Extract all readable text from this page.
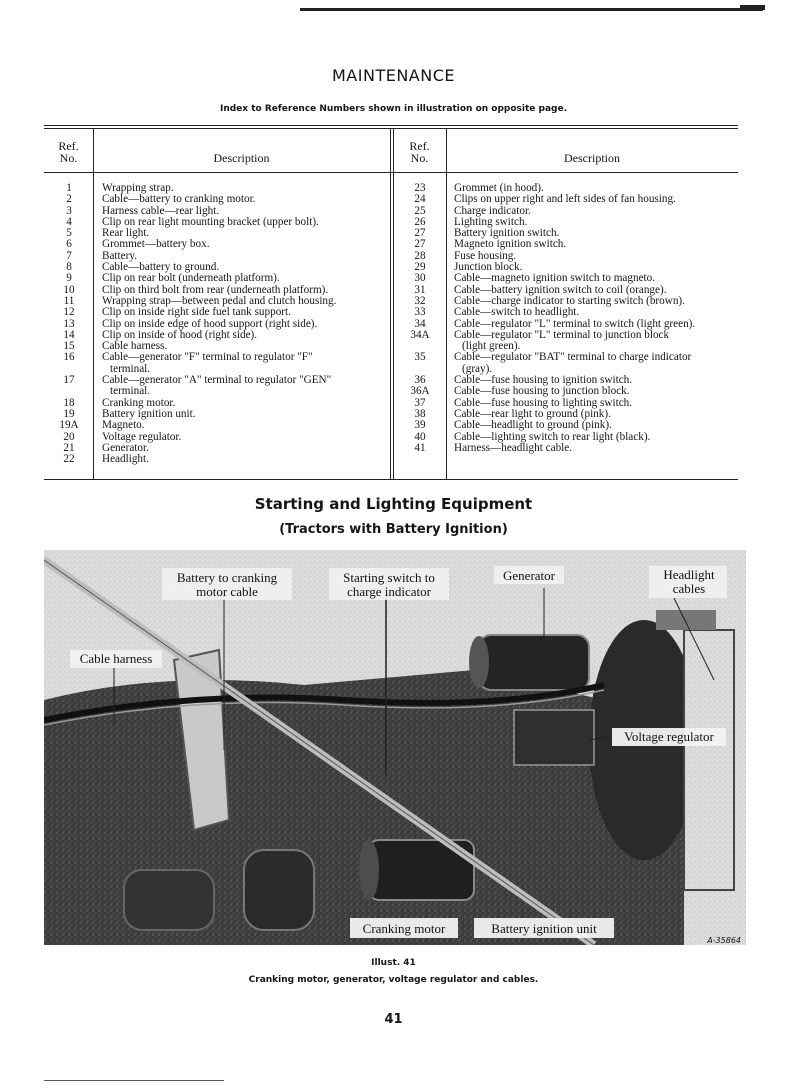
MAINTENANCE
Index to Reference Numbers shown in illustration on opposite page.
Ref.
No.	Description
Ref.
No.	Description
1	Wrapping strap.
2	Cable—battery to cranking motor.
3	Harness cable—rear light.
4	Clip on rear light mounting bracket (upper bolt).
5	Rear light.
6	Grommet—battery box.
7	Battery.
8	Cable—battery to ground.
9	Clip on rear bolt (underneath platform).
10	Clip on third bolt from rear (underneath platform).
11	Wrapping strap—between pedal and clutch housing.
12	Clip on inside right side fuel tank support.
13	Clip on inside edge of hood support (right side).
14	Clip on inside of hood (right side).
15	Cable harness.
16	Cable—generator "F" terminal to regulator "F"
terminal.
17	Cable—generator "A" terminal to regulator "GEN"
terminal.
18	Cranking motor.
19	Battery ignition unit.
19A	Magneto.
20	Voltage regulator.
21	Generator.
22	Headlight.
23	Grommet (in hood).
24	Clips on upper right and left sides of fan housing.
25	Charge indicator.
26	Lighting switch.
27	Battery ignition switch.
27	Magneto ignition switch.
28	Fuse housing.
29	Junction block.
30	Cable—magneto ignition switch to magneto.
31	Cable—battery ignition switch to coil (orange).
32	Cable—charge indicator to starting switch (brown).
33	Cable—switch to headlight.
34	Cable—regulator "L" terminal to switch (light green).
34A	Cable—regulator "L" terminal to junction block
(light green).
35	Cable—regulator "BAT" terminal to charge indicator
(gray).
36	Cable—fuse housing to ignition switch.
36A	Cable—fuse housing to junction block.
37	Cable—fuse housing to lighting switch.
38	Cable—rear light to ground (pink).
39	Cable—headlight to ground (pink).
40	Cable—lighting switch to rear light (black).
41	Harness—headlight cable.
Starting and Lighting Equipment
(Tractors with Battery Ignition)
Battery to cranking
motor cable
Starting switch to
charge indicator
Generator	Headlight
cables
Cable harness
Voltage regulator
Cranking motor	Battery ignition unit
A-35864
Illust. 41
Cranking motor, generator, voltage regulator and cables.
41
